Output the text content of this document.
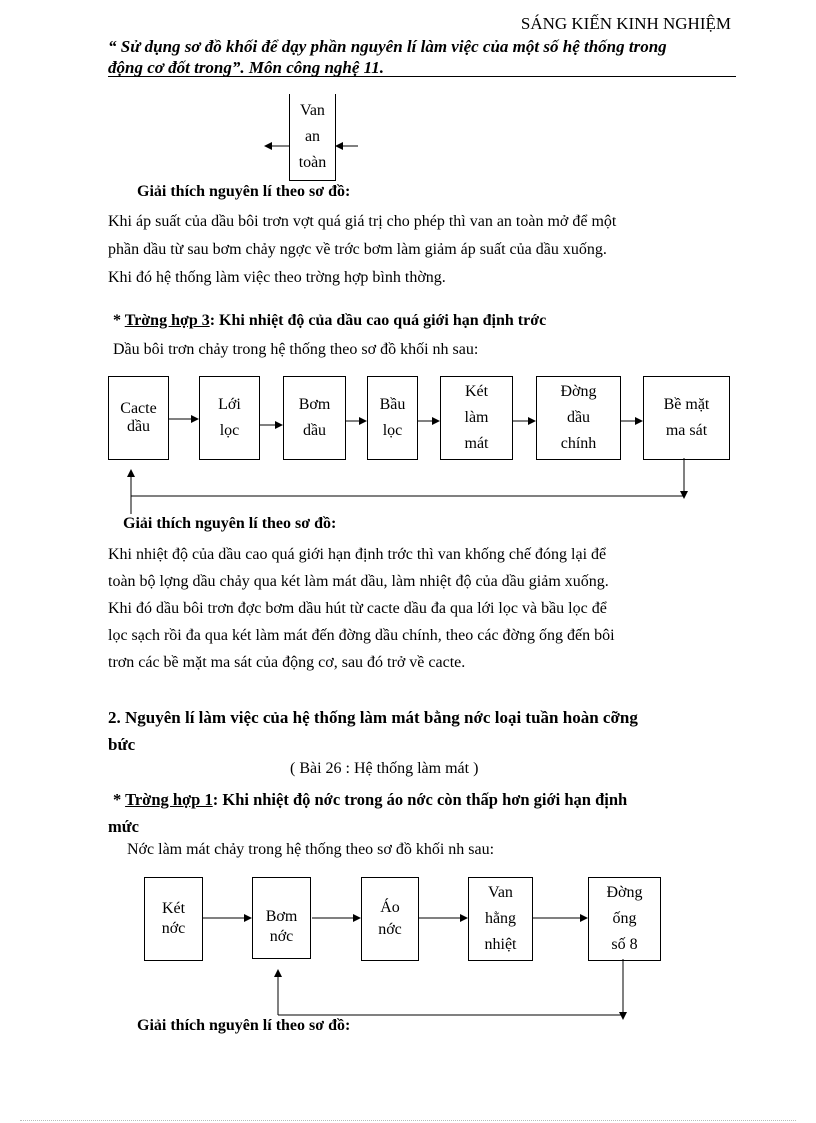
SÁNG KIẾN KINH NGHIỆM
“ Sử dụng sơ đồ khối để dạy phần nguyên lí làm việc của một số hệ thống trong
động cơ đốt trong”. Môn công nghệ 11.
Van
an
toàn
Giải thích nguyên lí theo sơ đồ:
Khi áp suất của dầu bôi trơn vợt quá giá trị cho phép thì van an toàn mở để một
phần dầu từ sau bơm chảy ngợc về trớc bơm làm giảm áp suất của dầu xuống.
Khi đó hệ thống làm việc theo trờng hợp bình thờng.
* Trờng hợp 3: Khi nhiệt độ của dầu cao quá giới hạn định trớc
Dầu bôi trơn chảy trong hệ thống theo sơ đồ khối nh sau:
Cacte
dầu
Lới
lọc
Bơm
dầu
Bầu
lọc
Két
làm
mát
Đờng
dầu
chính
Bề mặt
ma sát
Giải thích nguyên lí theo sơ đồ:
Khi nhiệt độ của dầu cao quá giới hạn định trớc thì van khống chế đóng lại để
toàn bộ lợng dầu chảy qua két làm mát dầu, làm nhiệt độ của dầu giảm xuống.
Khi đó dầu bôi trơn đợc bơm dầu hút từ cacte dầu đa qua lới lọc và bầu lọc để
lọc sạch rồi đa qua két làm mát đến đờng dầu chính, theo các đờng ống đến bôi
trơn các bề mặt ma sát của động cơ, sau đó trở về cacte.
2. Nguyên lí làm việc của hệ thống làm mát bằng nớc loại tuần hoàn cỡng
bức
( Bài 26 : Hệ thống làm mát )
* Trờng hợp 1: Khi nhiệt độ nớc trong áo nớc còn thấp hơn giới hạn định
mức
Nớc làm mát chảy trong hệ thống theo sơ đồ khối nh sau:
Két
nớc
Bơm
nớc
Áo
nớc
Van
hằng
nhiệt
Đờng
ống
số 8
Giải thích nguyên lí theo sơ đồ:
